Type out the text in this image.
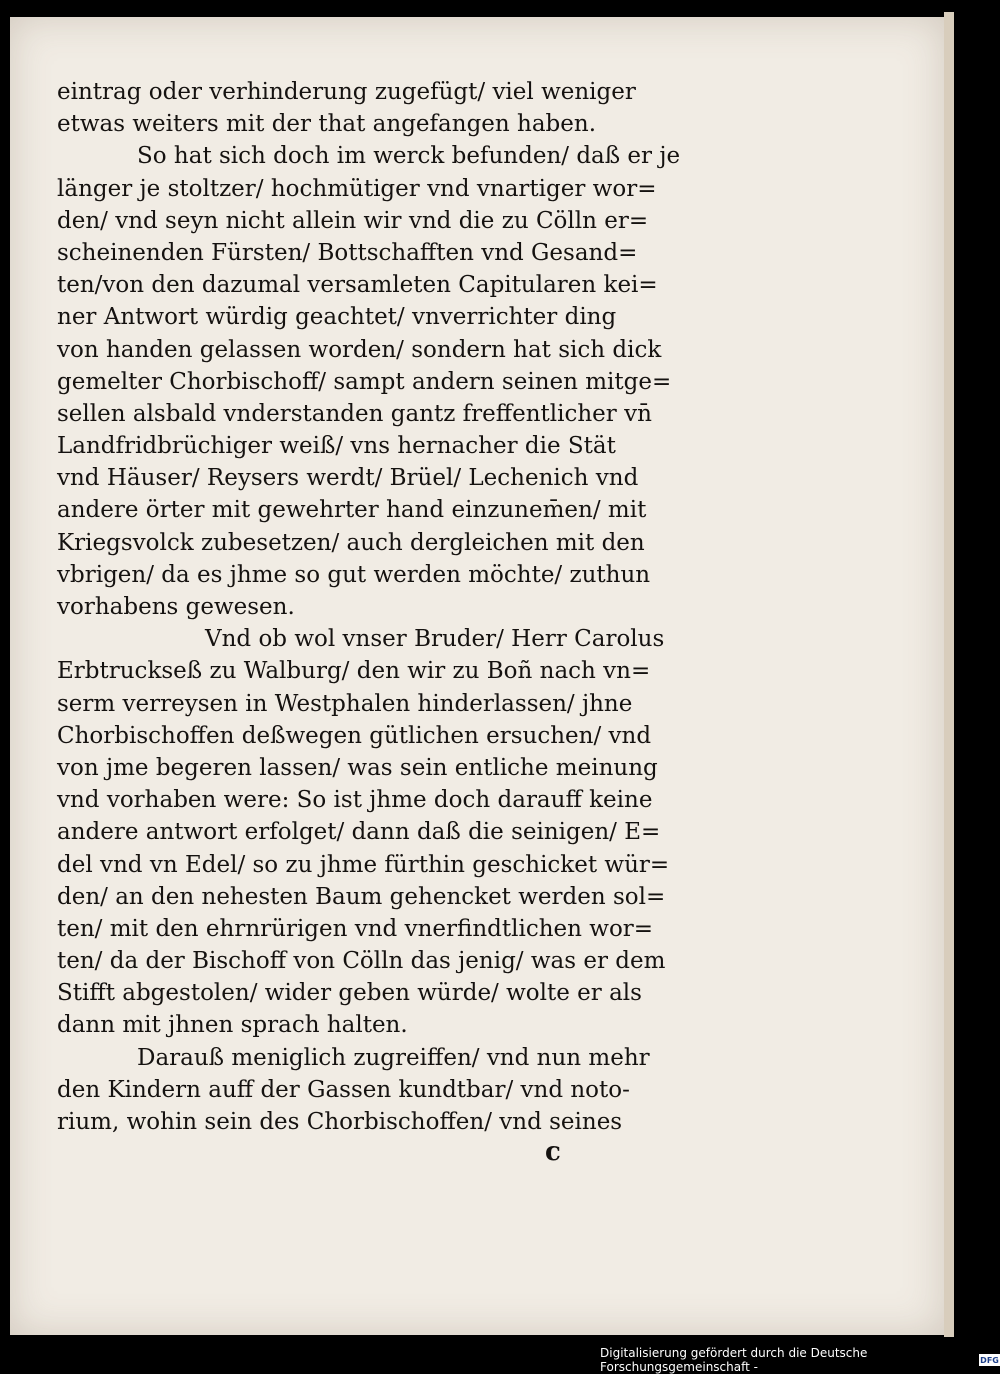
eintrag oder verhinderung zugefügt/ viel weniger
etwas weiters mit der that angefangen haben.
So hat sich doch im werck befunden/ daß er je
länger je stoltzer/ hochmütiger vnd vnartiger wor=
den/ vnd seyn nicht allein wir vnd die zu Cölln er=
scheinenden Fürsten/ Bottschafften vnd Gesand=
ten/von den dazumal versamleten Capitularen kei=
ner Antwort würdig geachtet/ vnverrichter ding
von handen gelassen worden/ sondern hat sich dick
gemelter Chorbischoff/ sampt andern seinen mitge=
sellen alsbald vnderstanden gantz freffentlicher vn̄
Landfridbrüchiger weiß/ vns hernacher die Stät
vnd Häuser/ Reysers werdt/ Brüel/ Lechenich vnd
andere örter mit gewehrter hand einzunem̄en/ mit
Kriegsvolck zubesetzen/ auch dergleichen mit den
vbrigen/ da es jhme so gut werden möchte/ zuthun
vorhabens gewesen.
Vnd ob wol vnser Bruder/ Herr Carolus
Erbtruckseß zu Walburg/ den wir zu Boñ nach vn=
serm verreysen in Westphalen hinderlassen/ jhne
Chorbischoffen deßwegen gütlichen ersuchen/ vnd
von jme begeren lassen/ was sein entliche meinung
vnd vorhaben were: So ist jhme doch darauff keine
andere antwort erfolget/ dann daß die seinigen/ E=
del vnd vn Edel/ so zu jhme fürthin geschicket wür=
den/ an den nehesten Baum gehencket werden sol=
ten/ mit den ehrnrürigen vnd vnerfindtlichen wor=
ten/ da der Bischoff von Cölln das jenig/ was er dem
Stifft abgestolen/ wider geben würde/ wolte er als
dann mit jhnen sprach halten.
Darauß meniglich zugreiffen/ vnd nun mehr
den Kindern auff der Gassen kundtbar/ vnd noto-
rium, wohin sein des Chorbischoffen/ vnd seines
c
Digitalisierung gefördert durch die Deutsche Forschungsgemeinschaft -	DFG
